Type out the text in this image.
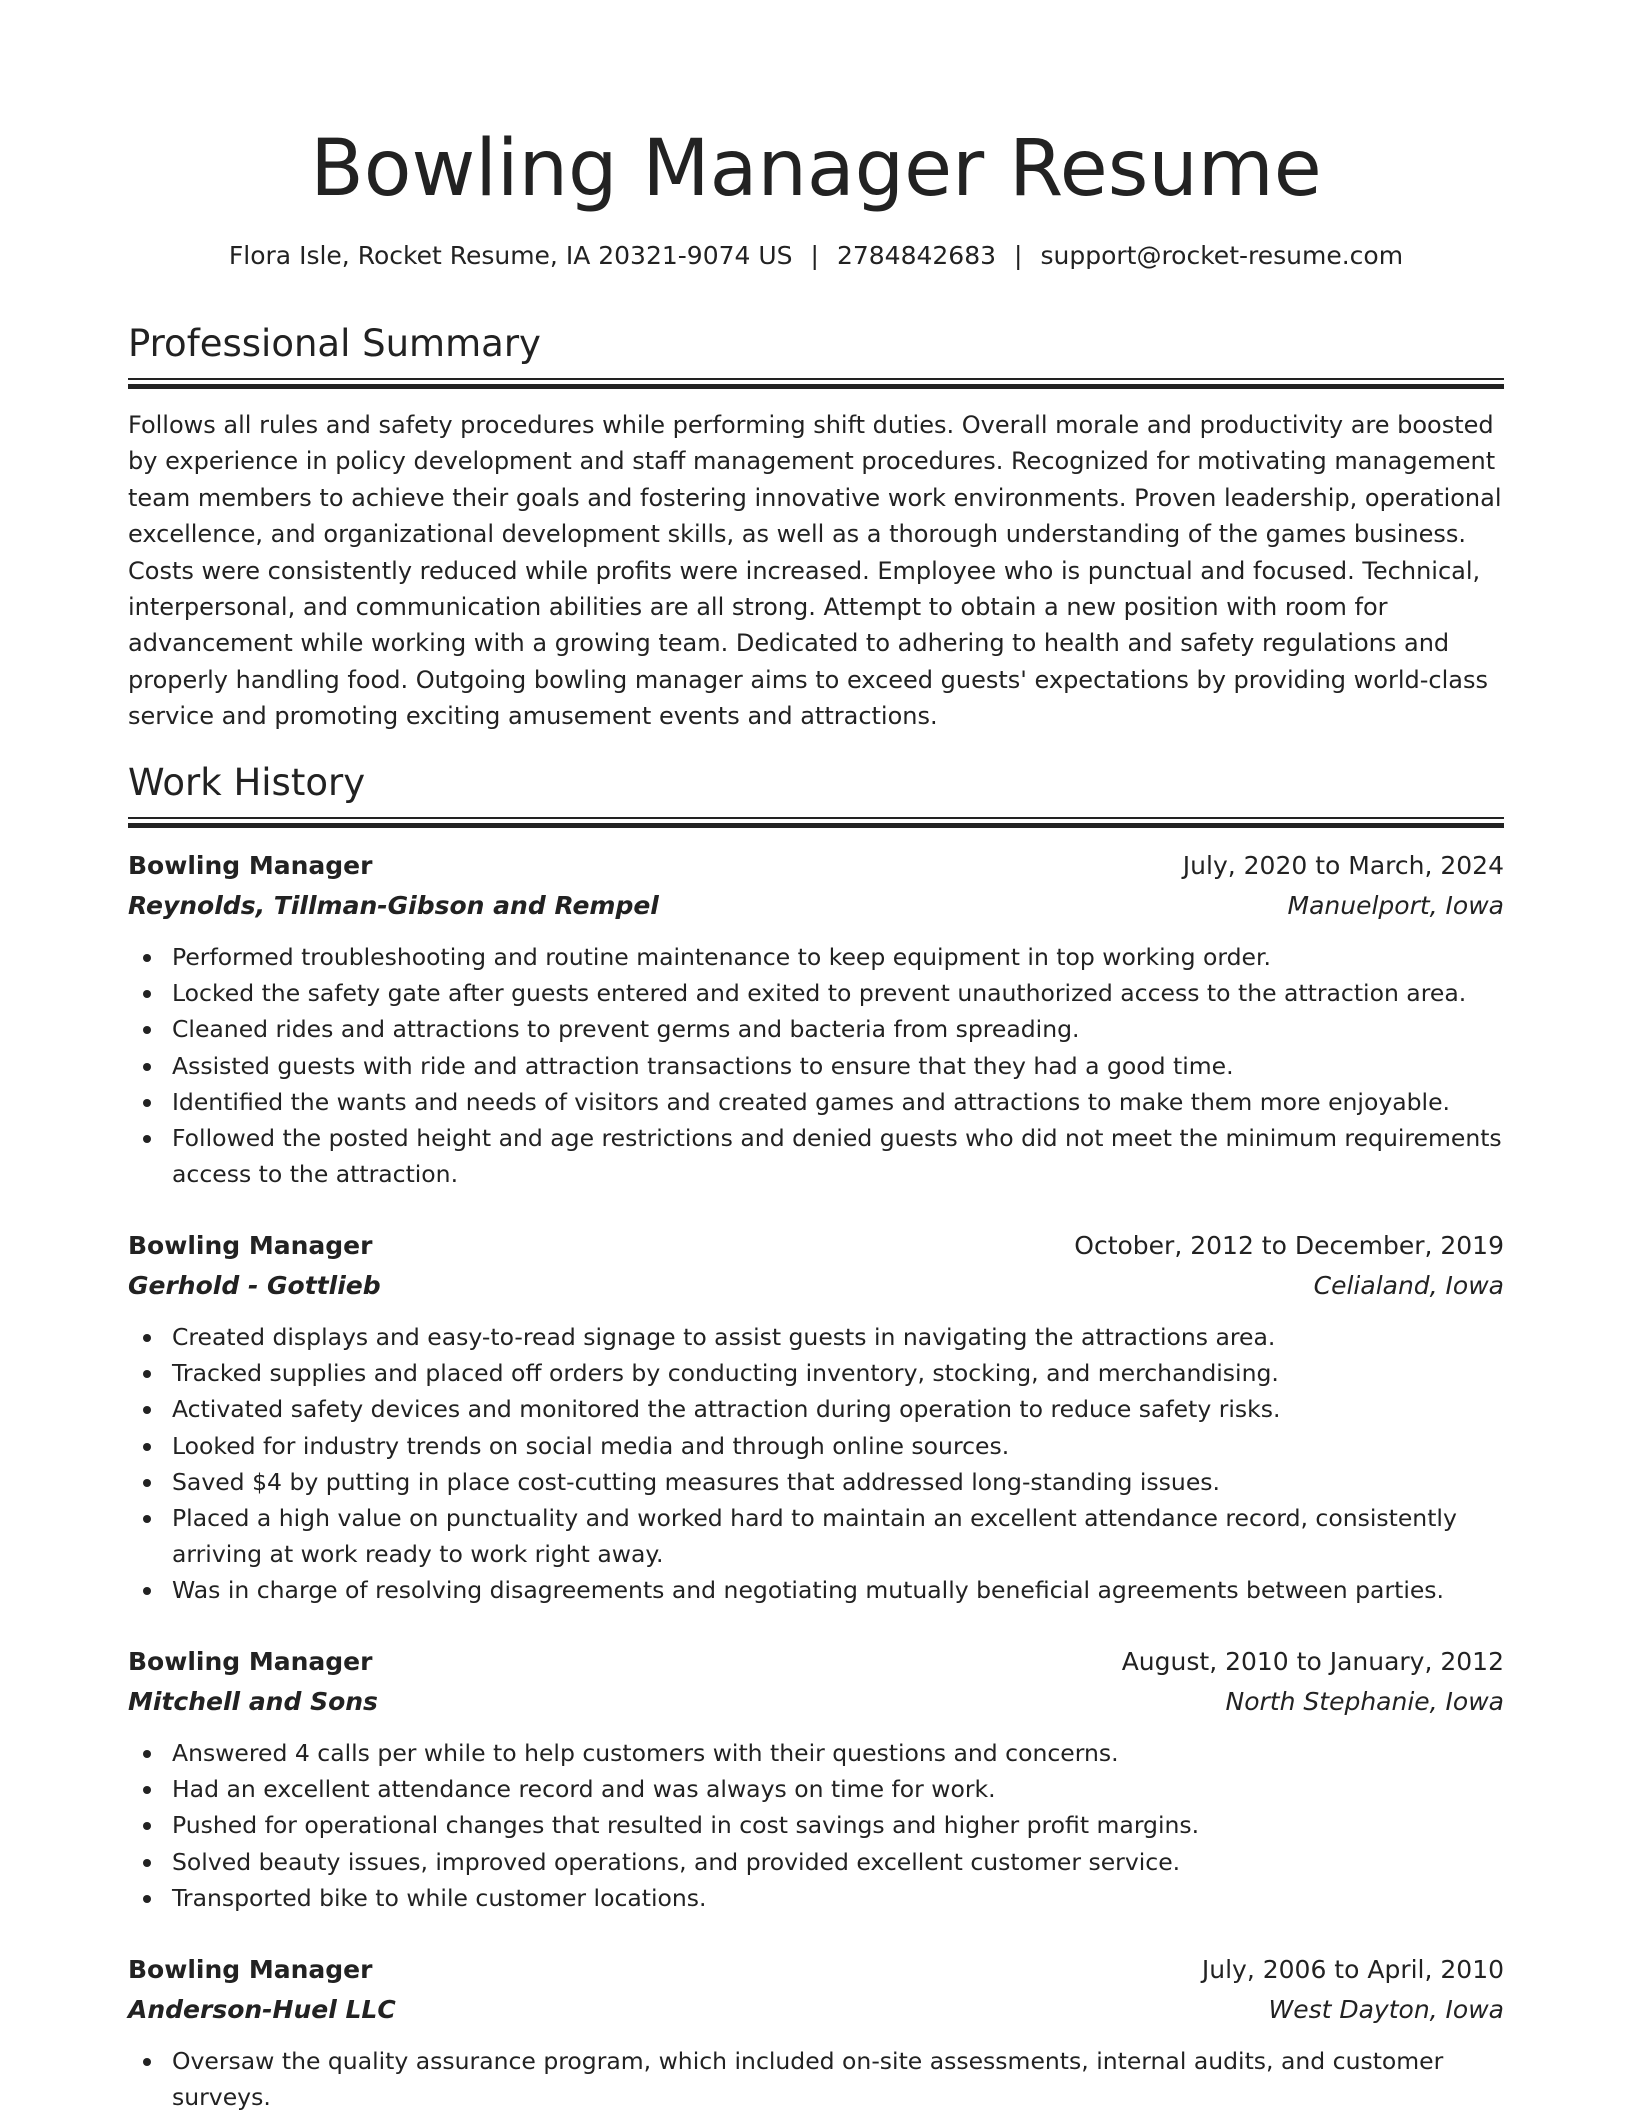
Bowling Manager Resume
Flora Isle, Rocket Resume, IA 20321-9074 US | 2784842683 | support@rocket-resume.com
Professional Summary

Follows all rules and safety procedures while performing shift duties. Overall morale and productivity are boosted by experience in policy development and staff management procedures. Recognized for motivating management team members to achieve their goals and fostering innovative work environments. Proven leadership, operational excellence, and organizational development skills, as well as a thorough understanding of the games business. Costs were consistently reduced while profits were increased. Employee who is punctual and focused. Technical, interpersonal, and communication abilities are all strong. Attempt to obtain a new position with room for advancement while working with a growing team. Dedicated to adhering to health and safety regulations and properly handling food. Outgoing bowling manager aims to exceed guests' expectations by providing world-class service and promoting exciting amusement events and attractions.

Work History
Bowling Manager	July, 2020 to March, 2024
Reynolds, Tillman-Gibson and Rempel	Manuelport, Iowa
Performed troubleshooting and routine maintenance to keep equipment in top working order.
Locked the safety gate after guests entered and exited to prevent unauthorized access to the attraction area.
Cleaned rides and attractions to prevent germs and bacteria from spreading.
Assisted guests with ride and attraction transactions to ensure that they had a good time.
Identified the wants and needs of visitors and created games and attractions to make them more enjoyable.
Followed the posted height and age restrictions and denied guests who did not meet the minimum requirements access to the attraction.
Bowling Manager	October, 2012 to December, 2019
Gerhold - Gottlieb	Celialand, Iowa
Created displays and easy-to-read signage to assist guests in navigating the attractions area.
Tracked supplies and placed off orders by conducting inventory, stocking, and merchandising.
Activated safety devices and monitored the attraction during operation to reduce safety risks.
Looked for industry trends on social media and through online sources.
Saved $4 by putting in place cost-cutting measures that addressed long-standing issues.
Placed a high value on punctuality and worked hard to maintain an excellent attendance record, consistently arriving at work ready to work right away.
Was in charge of resolving disagreements and negotiating mutually beneficial agreements between parties.
Bowling Manager	August, 2010 to January, 2012
Mitchell and Sons	North Stephanie, Iowa
Answered 4 calls per while to help customers with their questions and concerns.
Had an excellent attendance record and was always on time for work.
Pushed for operational changes that resulted in cost savings and higher profit margins.
Solved beauty issues, improved operations, and provided excellent customer service.
Transported bike to while customer locations.
Bowling Manager	July, 2006 to April, 2010
Anderson-Huel LLC	West Dayton, Iowa
Oversaw the quality assurance program, which included on-site assessments, internal audits, and customer surveys.
